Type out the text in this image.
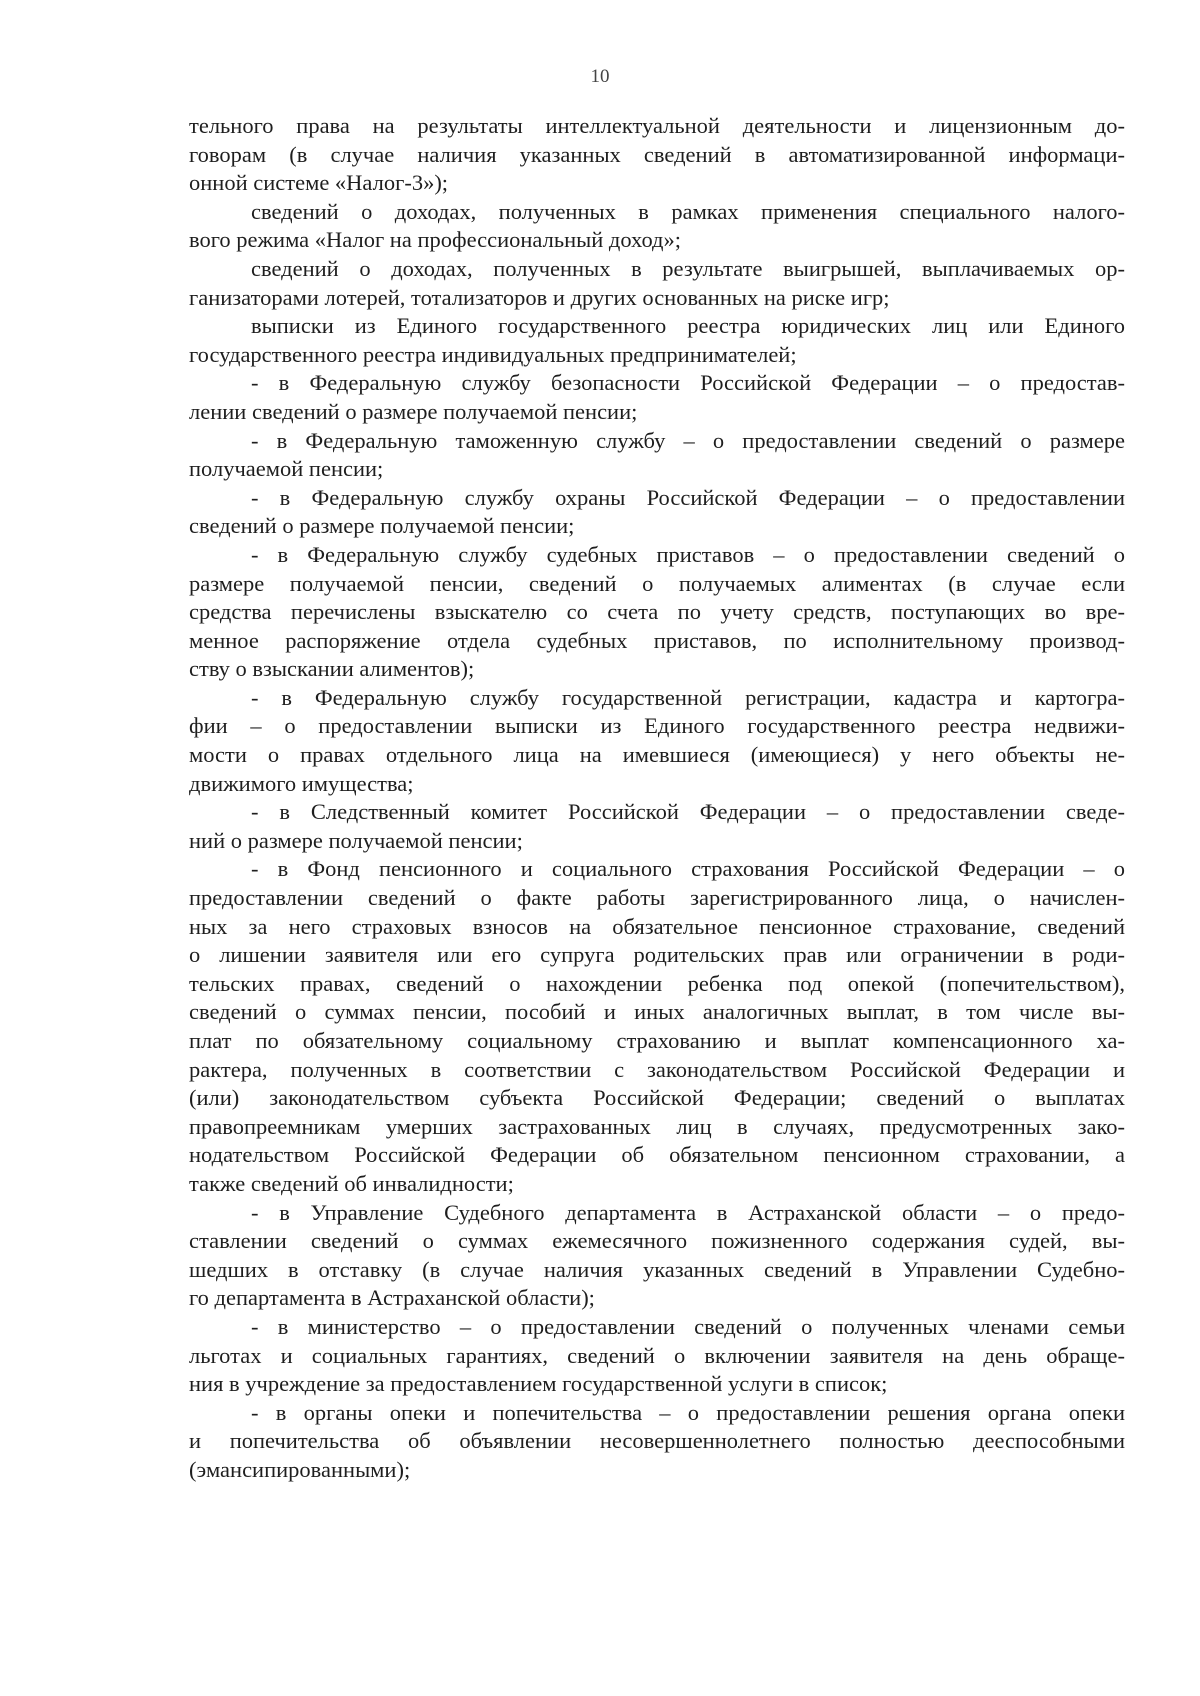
10
тельного права на результаты интеллектуальной деятельности и лицензионным до-
говорам (в случае наличия указанных сведений в автоматизированной информаци-
онной системе «Налог-3»);
сведений о доходах, полученных в рамках применения специального налого-
вого режима «Налог на профессиональный доход»;
сведений о доходах, полученных в результате выигрышей, выплачиваемых ор-
ганизаторами лотерей, тотализаторов и других основанных на риске игр;
выписки из Единого государственного реестра юридических лиц или Единого
государственного реестра индивидуальных предпринимателей;
- в Федеральную службу безопасности Российской Федерации – о предостав-
лении сведений о размере получаемой пенсии;
- в Федеральную таможенную службу – о предоставлении сведений о размере
получаемой пенсии;
- в Федеральную службу охраны Российской Федерации – о предоставлении
сведений о размере получаемой пенсии;
- в Федеральную службу судебных приставов – о предоставлении сведений о
размере получаемой пенсии, сведений о получаемых алиментах (в случае если
средства перечислены взыскателю со счета по учету средств, поступающих во вре-
менное распоряжение отдела судебных приставов, по исполнительному производ-
ству о взыскании алиментов);
- в Федеральную службу государственной регистрации, кадастра и картогра-
фии – о предоставлении выписки из Единого государственного реестра недвижи-
мости о правах отдельного лица на имевшиеся (имеющиеся) у него объекты не-
движимого имущества;
- в Следственный комитет Российской Федерации – о предоставлении сведе-
ний о размере получаемой пенсии;
- в Фонд пенсионного и социального страхования Российской Федерации – о
предоставлении сведений о факте работы зарегистрированного лица, о начислен-
ных за него страховых взносов на обязательное пенсионное страхование, сведений
о лишении заявителя или его супруга родительских прав или ограничении в роди-
тельских правах, сведений о нахождении ребенка под опекой (попечительством),
сведений о суммах пенсии, пособий и иных аналогичных выплат, в том числе вы-
плат по обязательному социальному страхованию и выплат компенсационного ха-
рактера, полученных в соответствии с законодательством Российской Федерации и
(или) законодательством субъекта Российской Федерации; сведений о выплатах
правопреемникам умерших застрахованных лиц в случаях, предусмотренных зако-
нодательством Российской Федерации об обязательном пенсионном страховании, а
также сведений об инвалидности;
- в Управление Судебного департамента в Астраханской области – о предо-
ставлении сведений о суммах ежемесячного пожизненного содержания судей, вы-
шедших в отставку (в случае наличия указанных сведений в Управлении Судебно-
го департамента в Астраханской области);
- в министерство – о предоставлении сведений о полученных членами семьи
льготах и социальных гарантиях, сведений о включении заявителя на день обраще-
ния в учреждение за предоставлением государственной услуги в список;
- в органы опеки и попечительства – о предоставлении решения органа опеки
и попечительства об объявлении несовершеннолетнего полностью дееспособными
(эмансипированными);
